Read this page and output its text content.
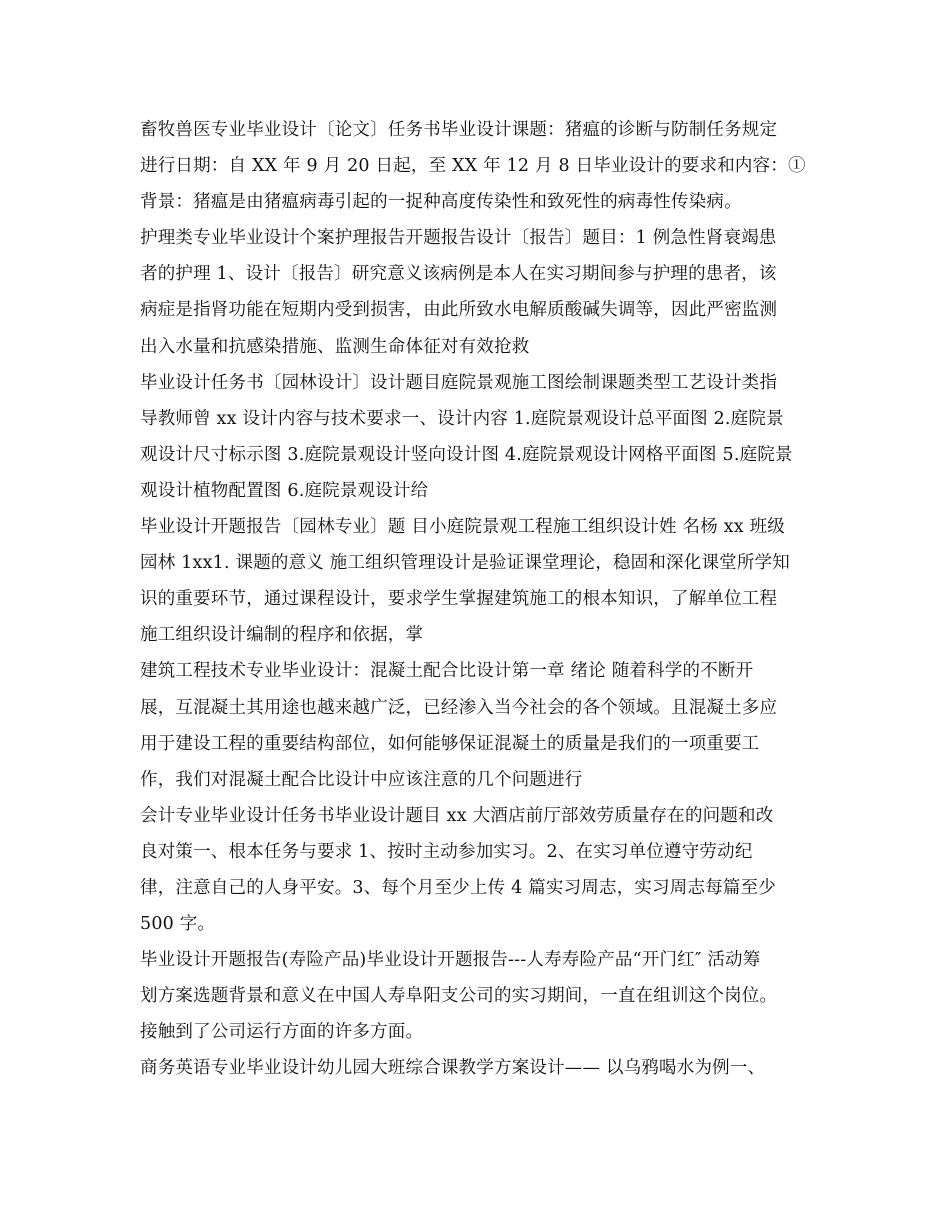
畜牧兽医专业毕业设计〔论文〕任务书毕业设计课题：猪瘟的诊断与防制任务规定
进行日期：自 XX 年 9 月 20 日起，至 XX 年 12 月 8 日毕业设计的要求和内容：①
背景：猪瘟是由猪瘟病毒引起的一捉种高度传染性和致死性的病毒性传染病。
护理类专业毕业设计个案护理报告开题报告设计〔报告〕题目：1 例急性肾衰竭患
者的护理 1、设计〔报告〕研究意义该病例是本人在实习期间参与护理的患者，该
病症是指肾功能在短期内受到损害，由此所致水电解质酸碱失调等，因此严密监测
出入水量和抗感染措施、监测生命体征对有效抢救
毕业设计任务书〔园林设计〕设计题目庭院景观施工图绘制课题类型工艺设计类指
导教师曾 xx 设计内容与技术要求一、设计内容 1.庭院景观设计总平面图 2.庭院景
观设计尺寸标示图 3.庭院景观设计竖向设计图 4.庭院景观设计网格平面图 5.庭院景
观设计植物配置图 6.庭院景观设计给
毕业设计开题报告〔园林专业〕题 目小庭院景观工程施工组织设计姓 名杨 xx 班级
园林 1xx1. 课题的意义 施工组织管理设计是验证课堂理论，稳固和深化课堂所学知
识的重要环节，通过课程设计，要求学生掌握建筑施工的根本知识，了解单位工程
施工组织设计编制的程序和依据，掌
建筑工程技术专业毕业设计：混凝土配合比设计第一章 绪论 随着科学的不断开
展，互混凝土其用途也越来越广泛，已经渗入当今社会的各个领域。且混凝土多应
用于建设工程的重要结构部位，如何能够保证混凝土的质量是我们的一项重要工
作，我们对混凝土配合比设计中应该注意的几个问题进行
会计专业毕业设计任务书毕业设计题目 xx 大酒店前厅部效劳质量存在的问题和改
良对策一、根本任务与要求 1、按时主动参加实习。2、在实习单位遵守劳动纪
律，注意自己的人身平安。3、每个月至少上传 4 篇实习周志，实习周志每篇至少
500 字。
毕业设计开题报告(寿险产品)毕业设计开题报告---人寿寿险产品“开门红″ 活动筹
划方案选题背景和意义在中国人寿阜阳支公司的实习期间，一直在组训这个岗位。
接触到了公司运行方面的许多方面。
商务英语专业毕业设计幼儿园大班综合课教学方案设计—— 以乌鸦喝水为例一、
